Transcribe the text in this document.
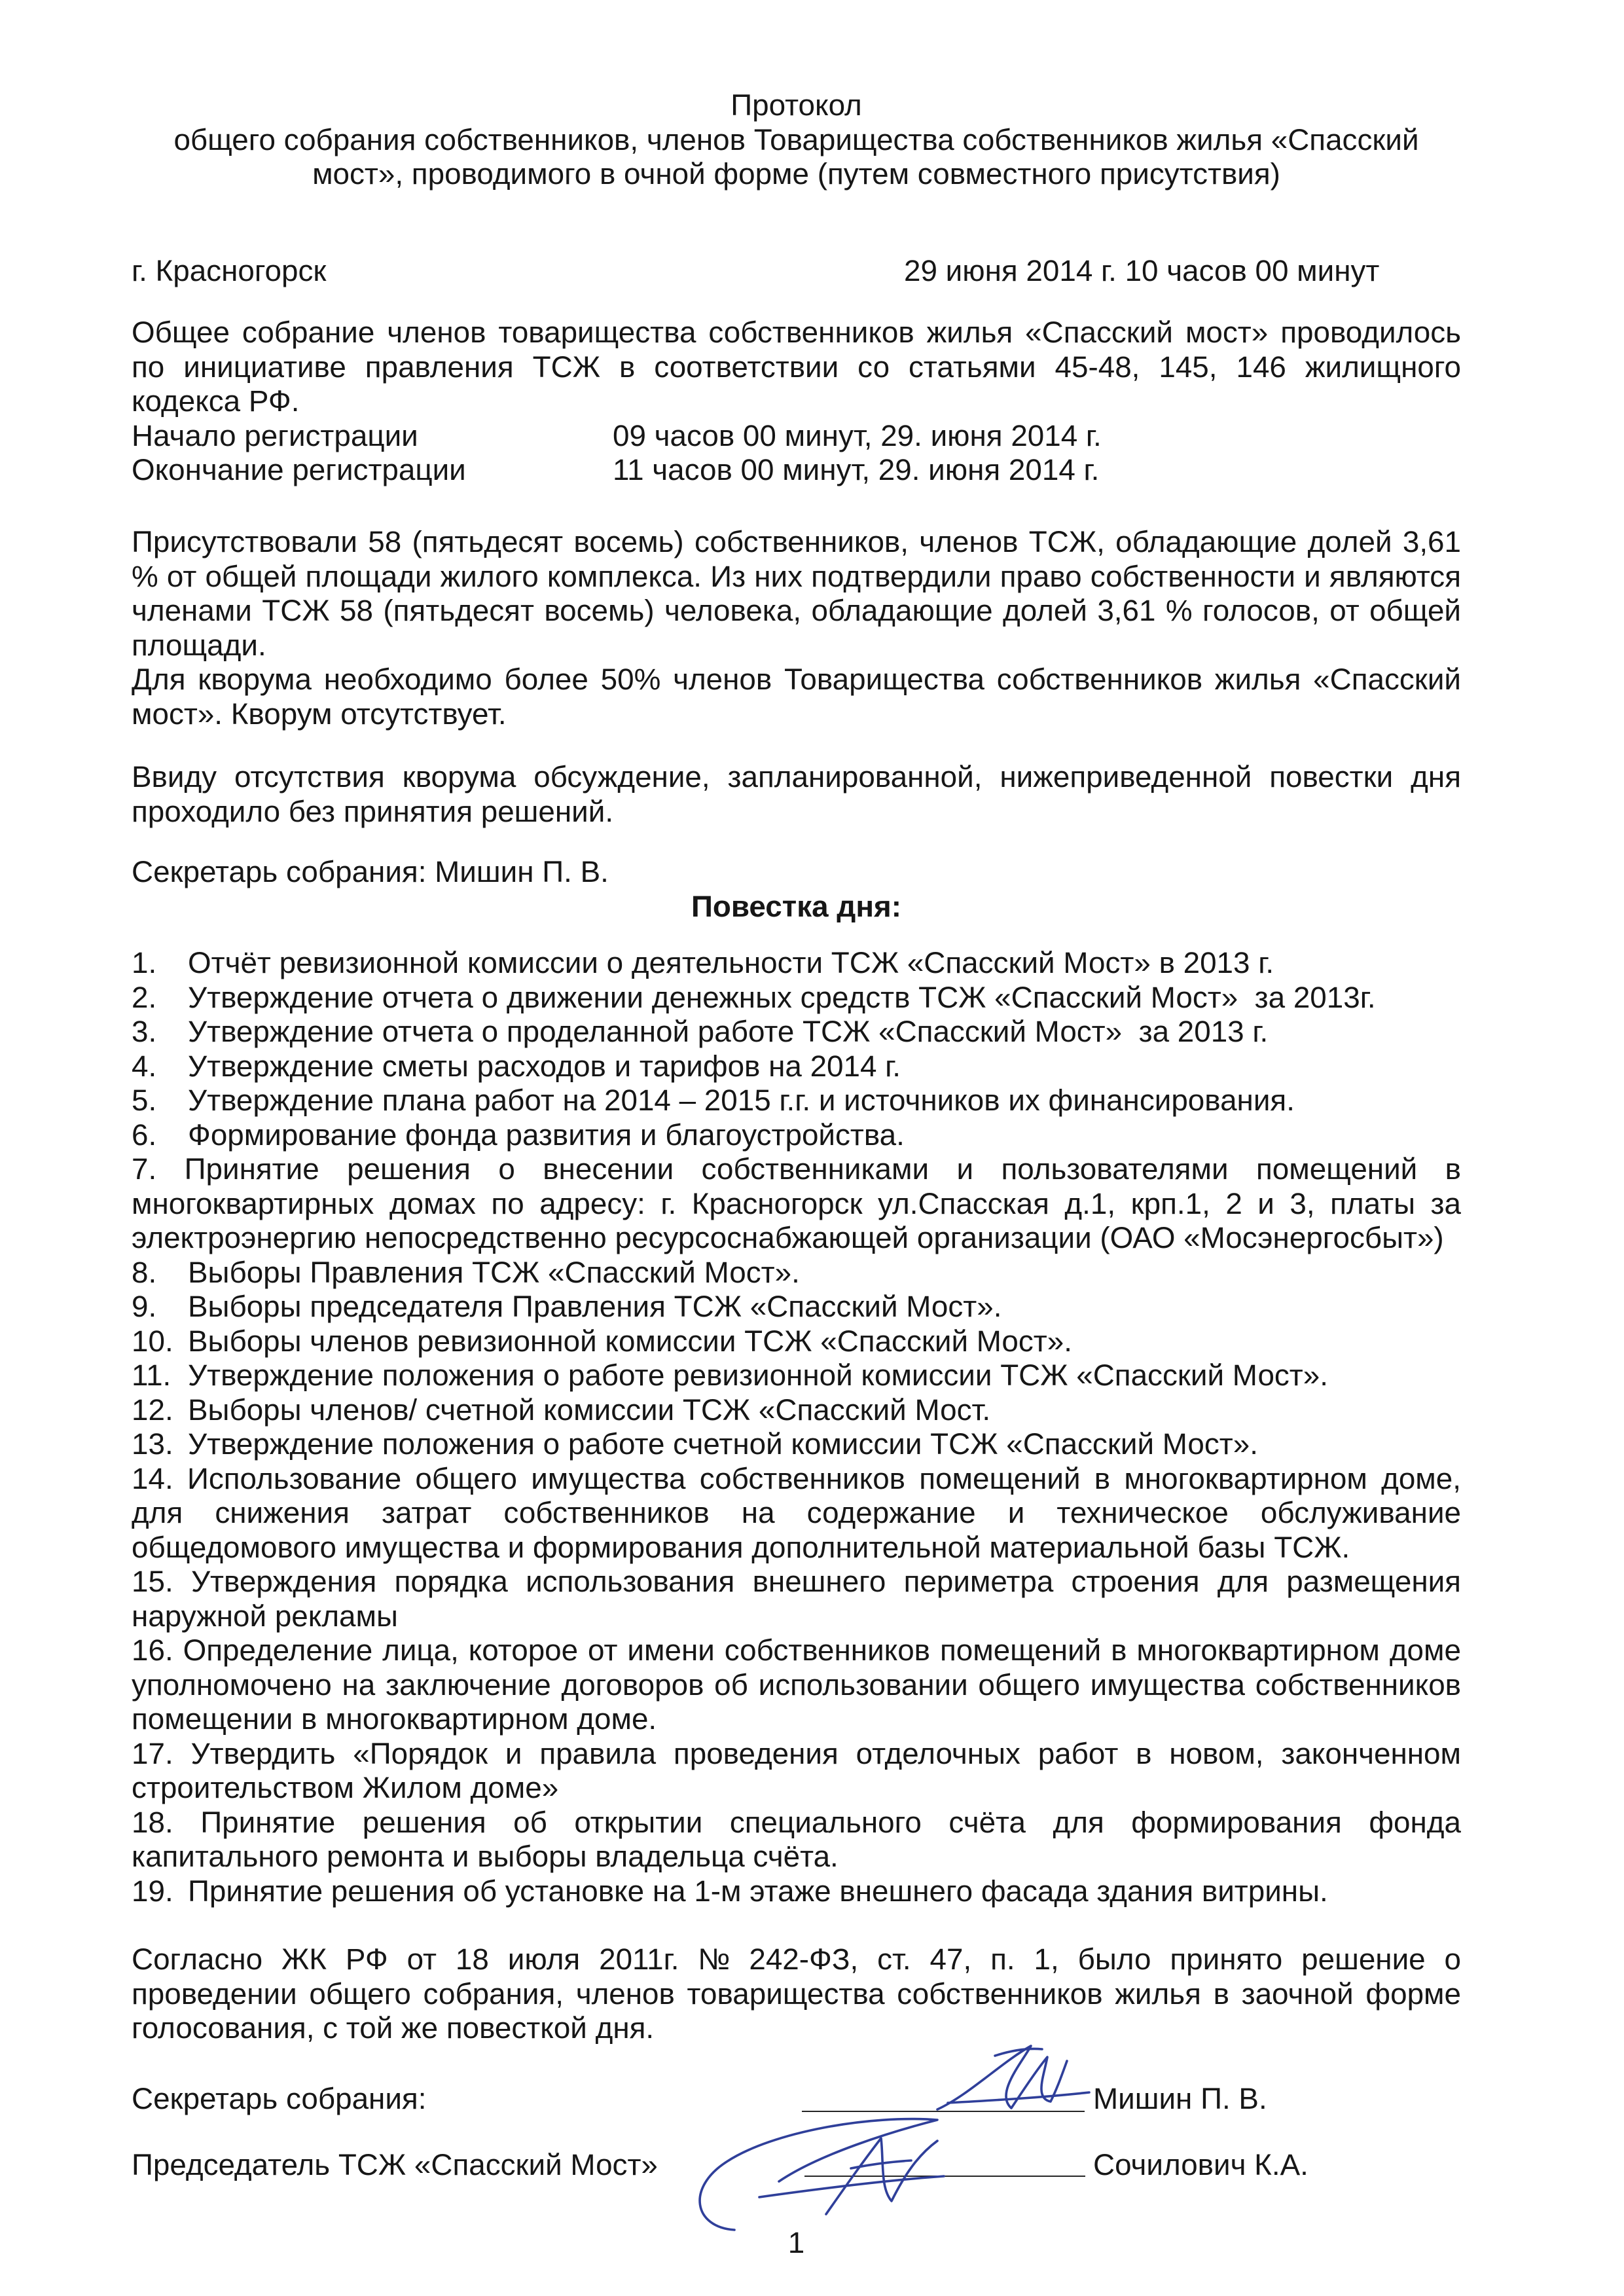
Протокол
общего собрания собственников, членов Товарищества собственников жилья «Спасский
мост», проводимого в очной форме (путем совместного присутствия)
г. Красногорск	29 июня 2014 г. 10 часов 00 минут
Общее собрание членов товарищества собственников жилья «Спасский мост» проводилось
по инициативе правления ТСЖ в соответствии со статьями 45-48, 145, 146 жилищного
кодекса РФ.
Начало регистрации	09 часов 00 минут, 29. июня 2014 г.
Окончание регистрации	11 часов 00 минут, 29. июня 2014 г.
Присутствовали 58 (пятьдесят восемь) собственников, членов ТСЖ, обладающие долей 3,61
% от общей площади жилого комплекса. Из них подтвердили право собственности и являются
членами ТСЖ 58 (пятьдесят восемь) человека, обладающие долей 3,61 % голосов, от общей
площади.
Для кворума необходимо более 50% членов Товарищества собственников жилья «Спасский
мост». Кворум отсутствует.
Ввиду отсутствия кворума обсуждение, запланированной, нижеприведенной повестки дня
проходило без принятия решений.
Секретарь собрания: Мишин П. В.
Повестка дня:
1. Отчёт ревизионной комиссии о деятельности ТСЖ «Спасский Мост» в 2013 г.
2. Утверждение отчета о движении денежных средств ТСЖ «Спасский Мост»  за 2013г.
3. Утверждение отчета о проделанной работе ТСЖ «Спасский Мост»  за 2013 г.
4. Утверждение сметы расходов и тарифов на 2014 г.
5. Утверждение плана работ на 2014 – 2015 г.г. и источников их финансирования.
6. Формирование фонда развития и благоустройства.
7. Принятие решения о внесении собственниками и пользователями помещений в
многоквартирных домах по адресу: г. Красногорск ул.Спасская д.1, крп.1, 2 и 3, платы за
электроэнергию непосредственно ресурсоснабжающей организации (ОАО «Мосэнергосбыт»)
8. Выборы Правления ТСЖ «Спасский Мост».
9. Выборы председателя Правления ТСЖ «Спасский Мост».
10. Выборы членов ревизионной комиссии ТСЖ «Спасский Мост».
11. Утверждение положения о работе ревизионной комиссии ТСЖ «Спасский Мост».
12. Выборы членов/ счетной комиссии ТСЖ «Спасский Мост.
13. Утверждение положения о работе счетной комиссии ТСЖ «Спасский Мост».
14. Использование общего имущества собственников помещений в многоквартирном доме,
для снижения затрат собственников на содержание и техническое обслуживание
общедомового имущества и формирования дополнительной материальной базы ТСЖ.
15. Утверждения порядка использования внешнего периметра строения для размещения
наружной рекламы
16. Определение лица, которое от имени собственников помещений в многоквартирном доме
уполномочено на заключение договоров об использовании общего имущества собственников
помещении в многоквартирном доме.
17. Утвердить «Порядок и правила проведения отделочных работ в новом, законченном
строительством Жилом доме»
18. Принятие решения об открытии специального счёта для формирования фонда
капитального ремонта и выборы владельца счёта.
19. Принятие решения об установке на 1-м этаже внешнего фасада здания витрины.
Согласно ЖК РФ от 18 июля 2011г. № 242-ФЗ, ст. 47, п. 1, было принято решение о
проведении общего собрания, членов товарищества собственников жилья в заочной форме
голосования, с той же повесткой дня.
Секретарь собрания:	Мишин П. В.
Председатель ТСЖ «Спасский Мост»	Сочилович К.А.
1
